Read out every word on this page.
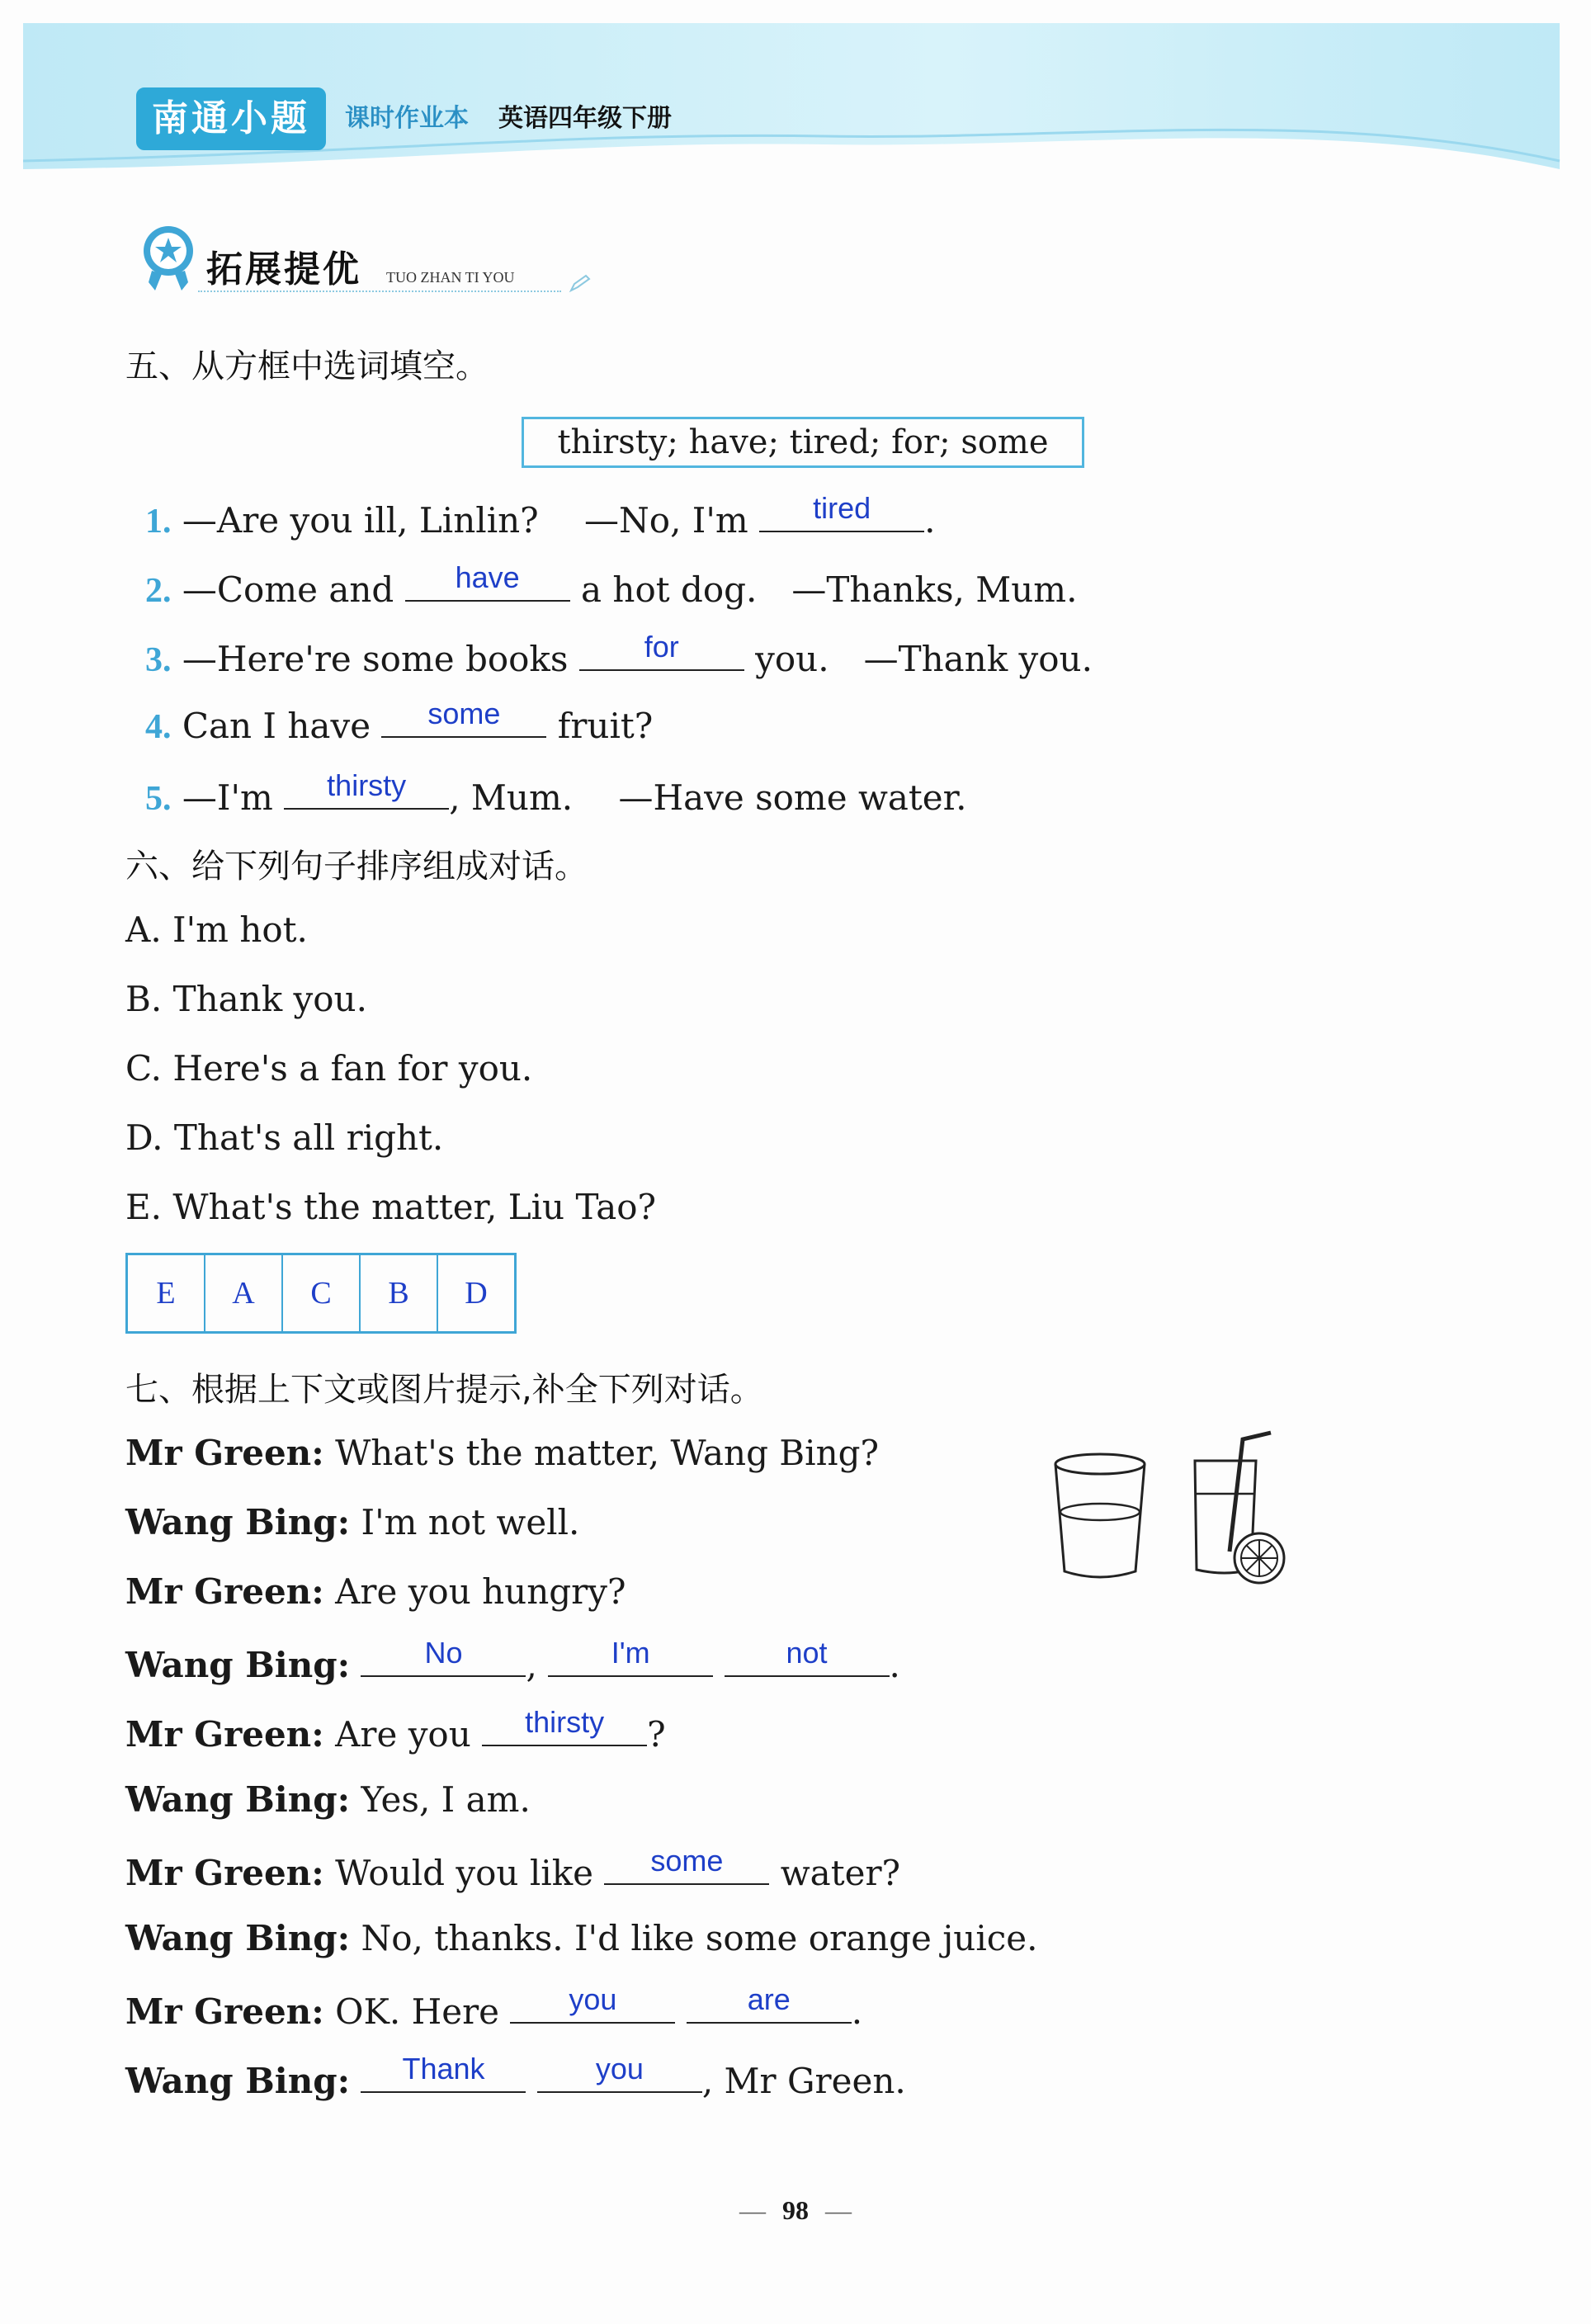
南通小题	课时作业本 英语四年级下册
拓展提优 TUO ZHAN TI YOU
五、从方框中选词填空。
thirsty; have; tired; for; some
1. —Are you ill, Linlin?　 —No, I'm	tired	.
2. —Come and	have	a hot dog.　—Thanks, Mum.
3. —Here're some books	for	you.　—Thank you.
4. Can I have	some	fruit?
5. —I'm	thirsty	, Mum.　 —Have some water.
六、给下列句子排序组成对话。
A. I'm hot.
B. Thank you.
C. Here's a fan for you.
D. That's all right.
E. What's the matter, Liu Tao?
E	A	C	B	D
七、根据上下文或图片提示,补全下列对话。
Mr Green: What's the matter, Wang Bing?
Wang Bing: I'm not well.
Mr Green: Are you hungry?
Wang Bing:	No	,	I'm
	not	.
Mr Green: Are you	thirsty	?
Wang Bing: Yes, I am.
Mr Green: Would you like	some	water?
Wang Bing: No, thanks. I'd like some orange juice.
Mr Green: OK. Here	you
	are	.
Wang Bing:	Thank
	you	, Mr Green.
— 98 —
